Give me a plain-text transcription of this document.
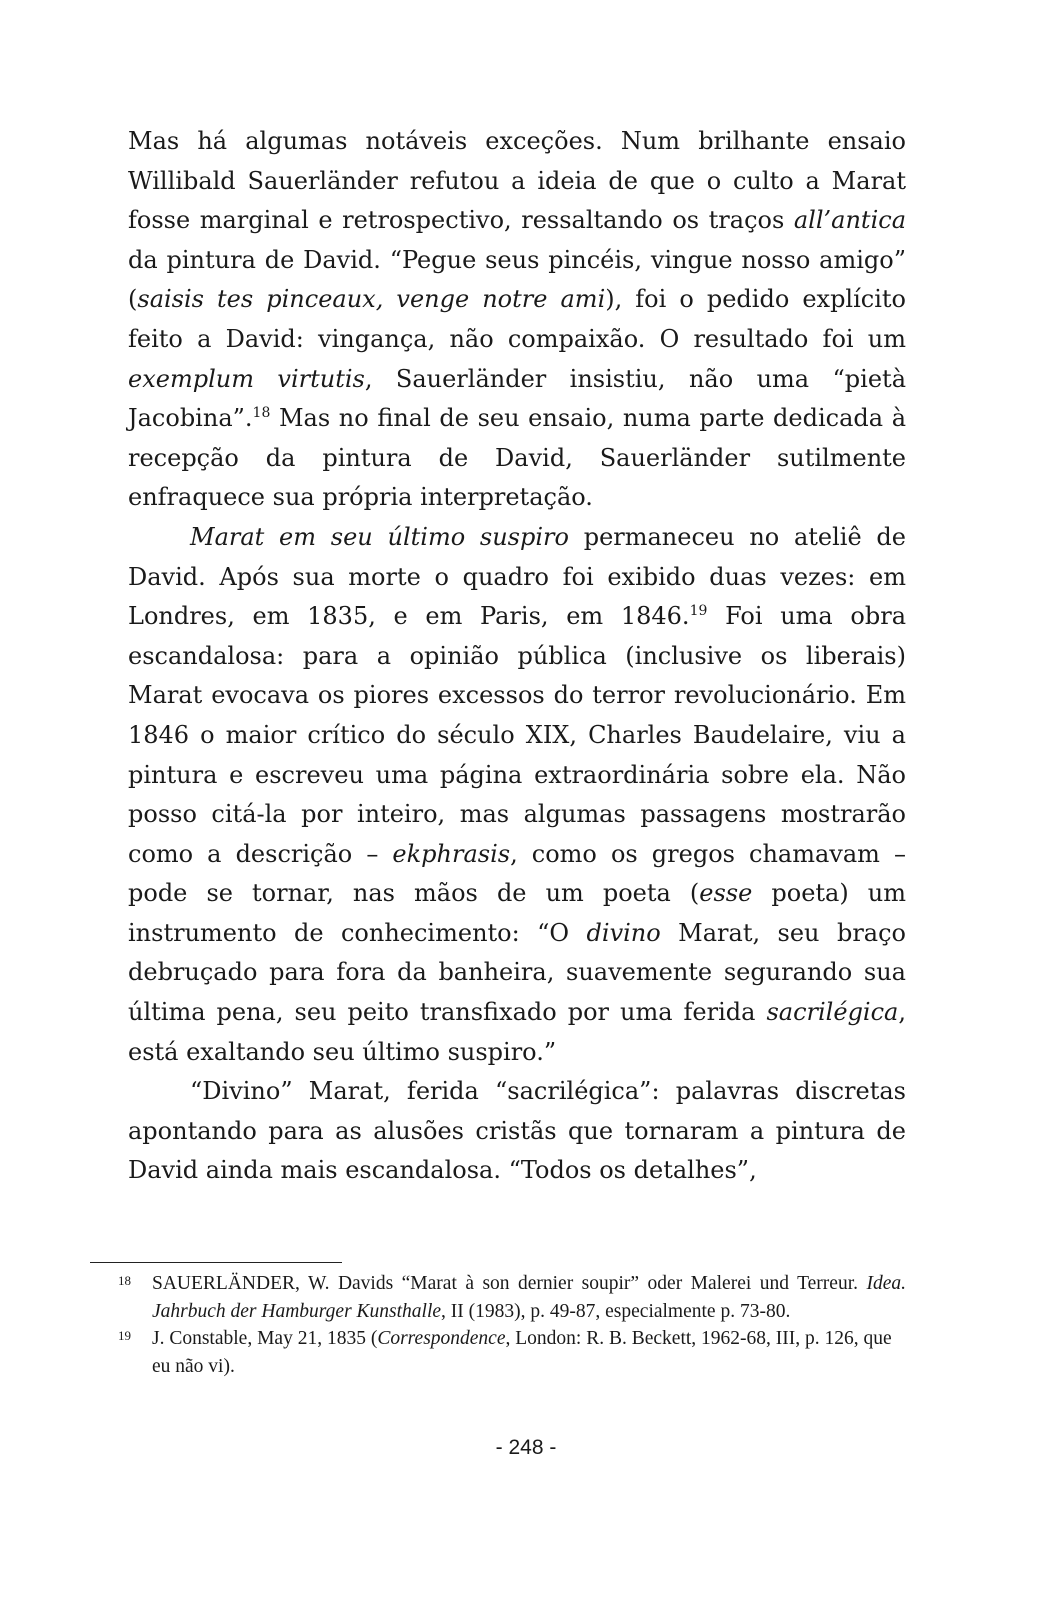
Mas há algumas notáveis exceções. Num brilhante ensaio Willibald Sauerländer refutou a ideia de que o culto a Marat fosse marginal e retrospectivo, ressaltando os traços all’antica da pintura de David. “Pegue seus pincéis, vingue nosso amigo” (saisis tes pinceaux, venge notre ami), foi o pedido explícito feito a David: vingança, não compaixão. O resultado foi um exemplum virtutis, Sauerländer insistiu, não uma “pietà Jacobina”.$^{18}$ Mas no final de seu ensaio, numa parte dedicada à recepção da pintura de David, Sauerländer sutilmente enfraquece sua própria interpretação.

Marat em seu último suspiro permaneceu no ateliê de David. Após sua morte o quadro foi exibido duas vezes: em Londres, em 1835, e em Paris, em 1846.19 Foi uma obra escandalosa: para a opinião pública (inclusive os liberais) Marat evocava os piores excessos do terror revolucionário. Em 1846 o maior crítico do século XIX, Charles Baudelaire, viu a pintura e escreveu uma página extraordinária sobre ela. Não posso citá-la por inteiro, mas algumas passagens mostrarão como a descrição – ekphrasis, como os gregos chamavam – pode se tornar, nas mãos de um poeta (esse poeta) um instrumento de conhecimento: “O divino Marat, seu braço debruçado para fora da banheira, suavemente segurando sua última pena, seu peito transfixado por uma ferida sacrilégica, está exaltando seu último suspiro.”

“Divino” Marat, ferida “sacrilégica”: palavras discretas apontando para as alusões cristãs que tornaram a pintura de David ainda mais escandalosa. “Todos os detalhes”,

18 SAUERLÄNDER, W. Davids “Marat à son dernier soupir” oder Malerei und Terreur. Idea. Jahrbuch der Hamburger Kunsthalle, II (1983), p. 49-87, especialmente p. 73-80.
19 J. Constable, May 21, 1835 (Correspondence, London: R. B. Beckett, 1962-68, III, p. 126, que eu não vi).
- 248 -
